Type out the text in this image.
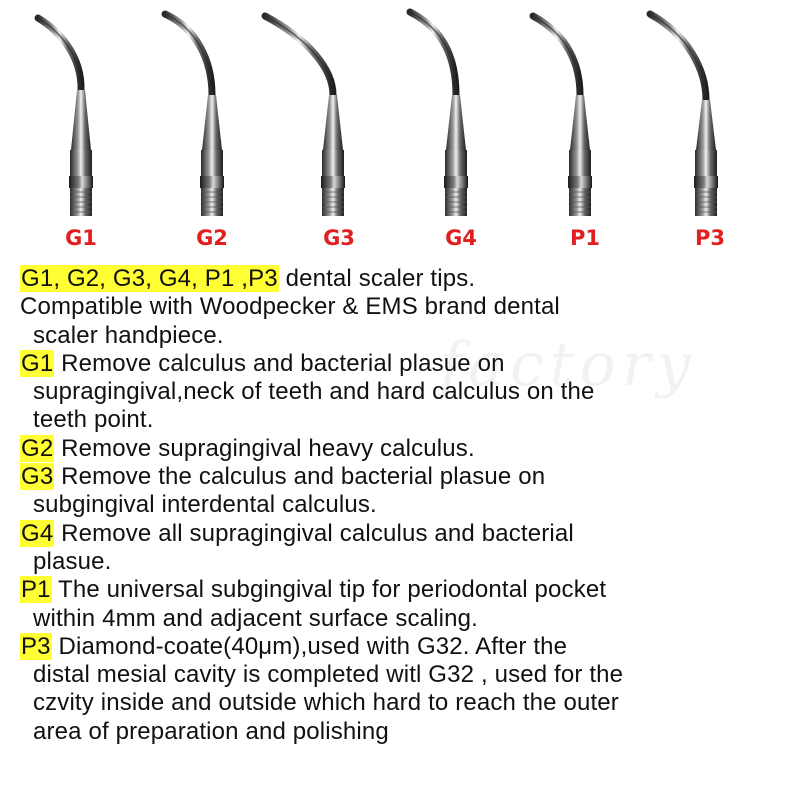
G1	G2	G3	G4	P1	P3
factory
G1, G2, G3, G4, P1 ,P3 dental scaler tips.
Compatible with Woodpecker & EMS brand dental
scaler handpiece.
G1 Remove calculus and bacterial plasue on
supragingival,neck of teeth and hard calculus on the
teeth point.
G2 Remove supragingival heavy calculus.
G3 Remove the calculus and bacterial plasue on
subgingival interdental calculus.
G4 Remove all supragingival calculus and bacterial
plasue.
P1 The universal subgingival tip for periodontal pocket
within 4mm and adjacent surface scaling.
P3 Diamond-coate(40μm),used with G32. After the
distal mesial cavity is completed witl G32 , used for the
czvity inside and outside which hard to reach the outer
area of preparation and polishing
